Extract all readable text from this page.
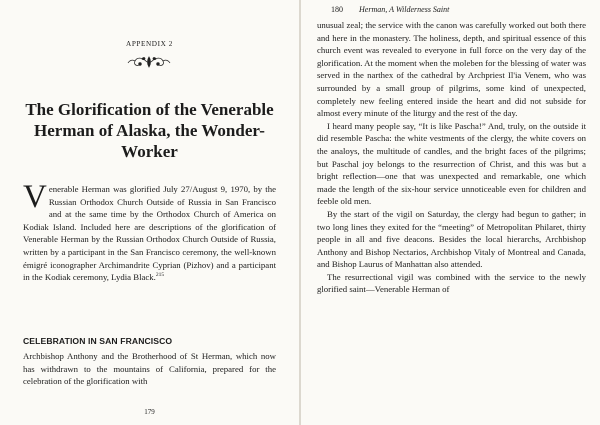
APPENDIX 2
The Glorification of the Venerable Herman of Alaska, the Wonder-Worker

Venerable Herman was glorified July 27/August 9, 1970, by the Russian Orthodox Church Outside of Russia in San Francisco and at the same time by the Orthodox Church of America on Kodiak Island. Included here are descriptions of the glorification of Venerable Herman by the Russian Orthodox Church Outside of Russia, written by a participant in the San Francisco ceremony, the well-known émigré iconographer Archimandrite Cyprian (Pizhov) and a participant in the Kodiak ceremony, Lydia Black.$^{215}$

CELEBRATION IN SAN FRANCISCO

Archbishop Anthony and the Brotherhood of St Herman, which now has withdrawn to the mountains of California, prepared for the celebration of the glorification with

179
180 Herman, A Wilderness Saint

unusual zeal; the service with the canon was carefully worked out both there and here in the monastery. The holiness, depth, and spiritual essence of this church event was revealed to everyone in full force on the very day of the glorification. At the moment when the moleben for the blessing of water was served in the narthex of the cathedral by Archpriest Il'ia Venem, who was surrounded by a small group of pilgrims, some kind of unexpected, completely new feeling entered inside the heart and did not subside for almost every minute of the liturgy and the rest of the day.

I heard many people say, “It is like Pascha!” And, truly, on the outside it did resemble Pascha: the white vestments of the clergy, the white covers on the analoys, the multitude of candles, and the bright faces of the pilgrims; but Paschal joy belongs to the resurrection of Christ, and this was but a bright reflection—one that was unexpected and remarkable, one which made the length of the six-hour service unnoticeable even for children and feeble old men.

By the start of the vigil on Saturday, the clergy had begun to gather; in two long lines they exited for the “meeting” of Metropolitan Philaret, thirty people in all and five deacons. Besides the local hierarchs, Archbishop Anthony and Bishop Nectarios, Archbishop Vitaly of Montreal and Canada, and Bishop Laurus of Manhattan also attended.

The resurrectional vigil was combined with the service to the newly glorified saint—Venerable Herman of
